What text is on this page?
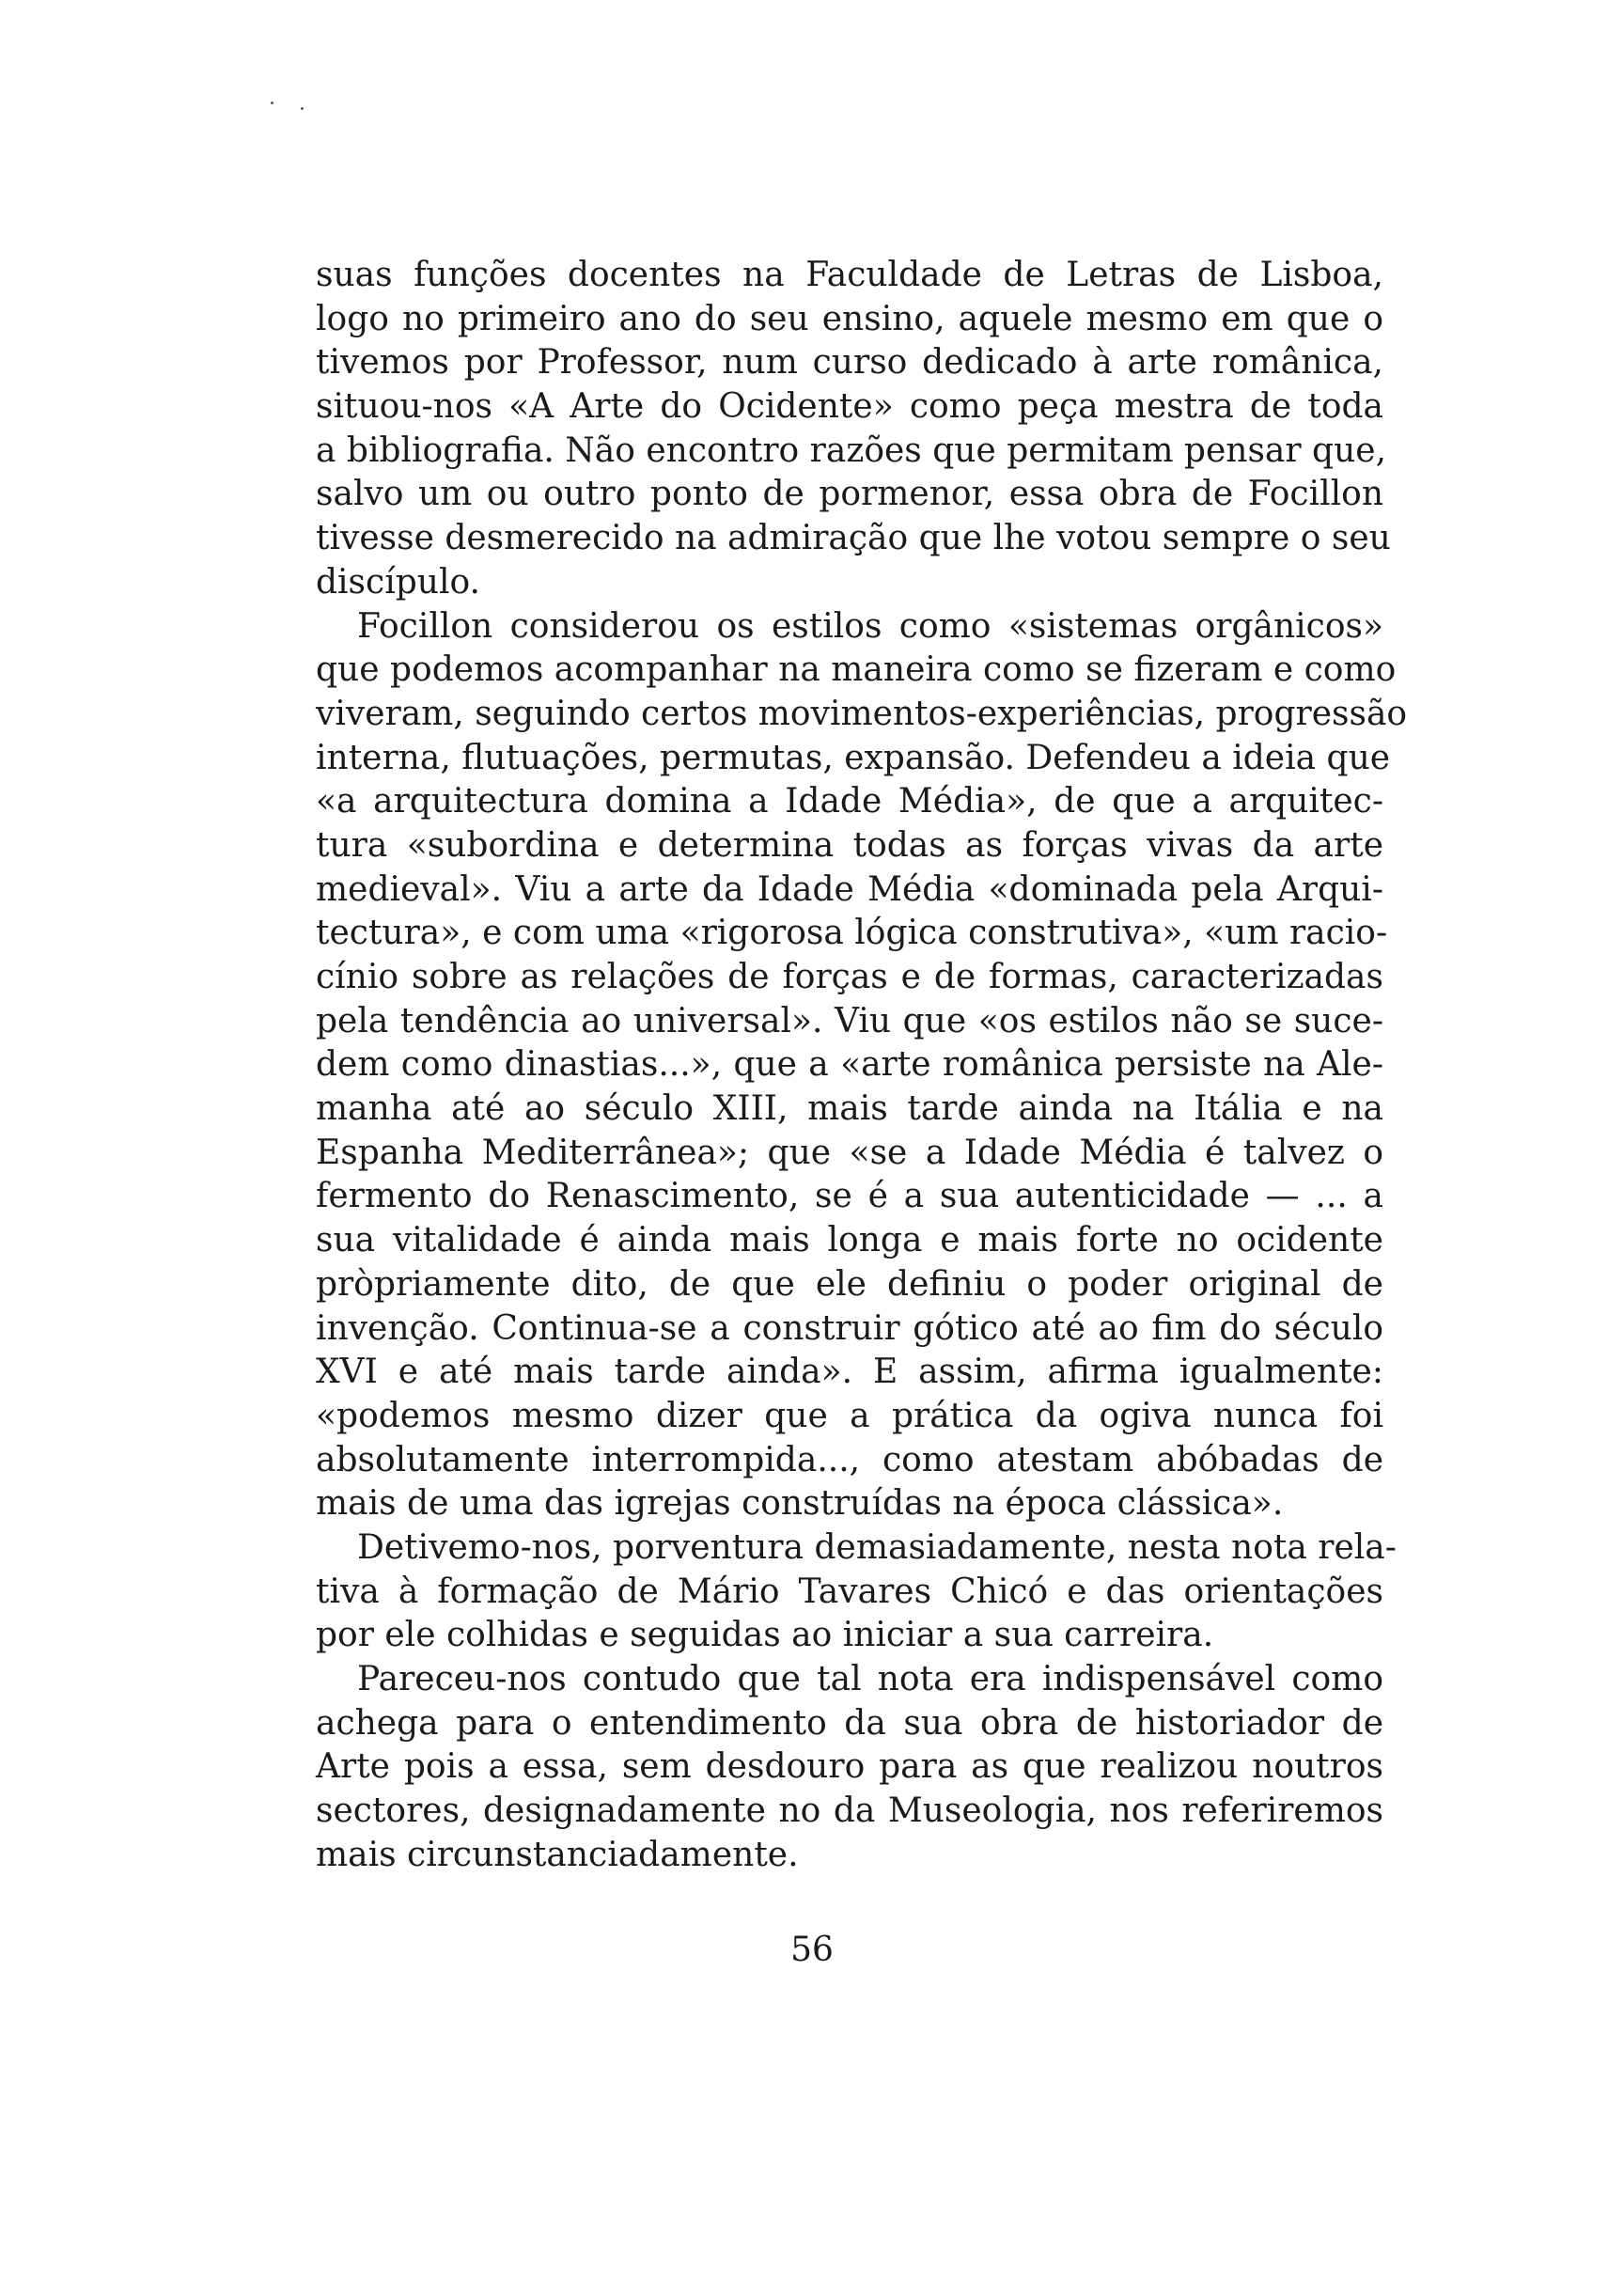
suas funções docentes na Faculdade de Letras de Lisboa,
logo no primeiro ano do seu ensino, aquele mesmo em que o
tivemos por Professor, num curso dedicado à arte românica,
situou-nos «A Arte do Ocidente» como peça mestra de toda
a bibliografia. Não encontro razões que permitam pensar que,
salvo um ou outro ponto de pormenor, essa obra de Focillon
tivesse desmerecido na admiração que lhe votou sempre o seu
discípulo.
Focillon considerou os estilos como «sistemas orgânicos»
que podemos acompanhar na maneira como se fizeram e como
viveram, seguindo certos movimentos-experiências, progressão
interna, flutuações, permutas, expansão. Defendeu a ideia que
«a arquitectura domina a Idade Média», de que a arquitec-
tura «subordina e determina todas as forças vivas da arte
medieval». Viu a arte da Idade Média «dominada pela Arqui-
tectura», e com uma «rigorosa lógica construtiva», «um racio-
cínio sobre as relações de forças e de formas, caracterizadas
pela tendência ao universal». Viu que «os estilos não se suce-
dem como dinastias...», que a «arte românica persiste na Ale-
manha até ao século XIII, mais tarde ainda na Itália e na
Espanha Mediterrânea»; que «se a Idade Média é talvez o
fermento do Renascimento, se é a sua autenticidade — ... a
sua vitalidade é ainda mais longa e mais forte no ocidente
pròpriamente dito, de que ele definiu o poder original de
invenção. Continua-se a construir gótico até ao fim do século
XVI e até mais tarde ainda». E assim, afirma igualmente:
«podemos mesmo dizer que a prática da ogiva nunca foi
absolutamente interrompida..., como atestam abóbadas de
mais de uma das igrejas construídas na época clássica».
Detivemo-nos, porventura demasiadamente, nesta nota rela-
tiva à formação de Mário Tavares Chicó e das orientações
por ele colhidas e seguidas ao iniciar a sua carreira.
Pareceu-nos contudo que tal nota era indispensável como
achega para o entendimento da sua obra de historiador de
Arte pois a essa, sem desdouro para as que realizou noutros
sectores, designadamente no da Museologia, nos referiremos
mais circunstanciadamente.
56
